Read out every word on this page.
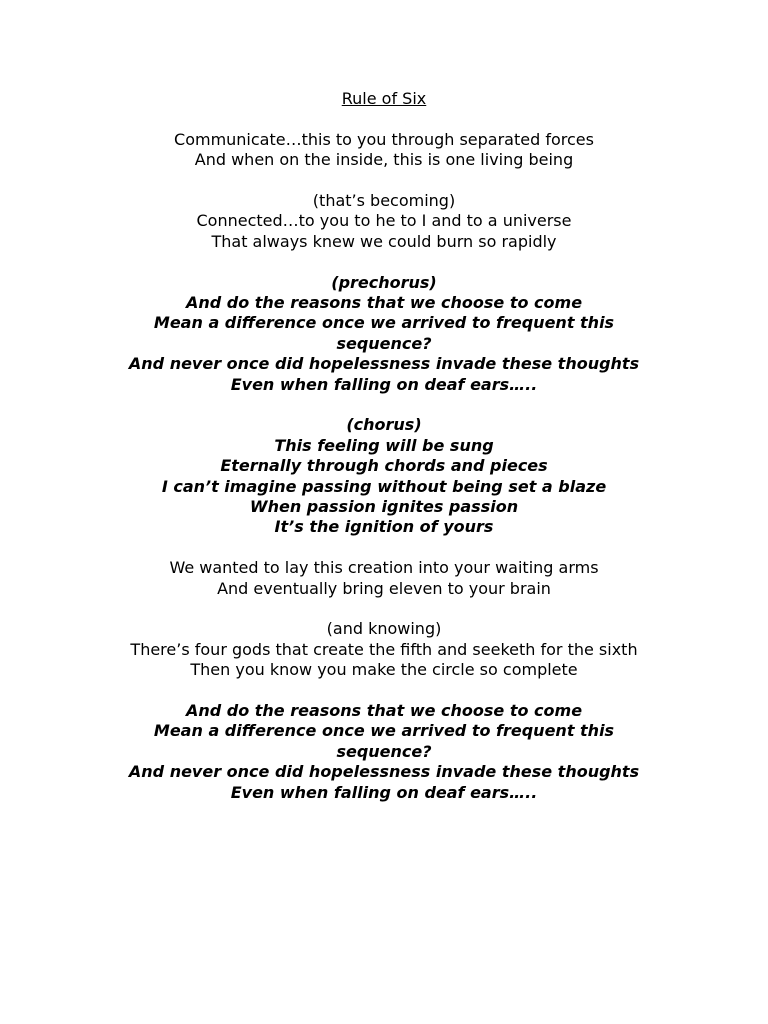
Rule of Six

Communicate…this to you through separated forces

And when on the inside, this is one living being

(that’s becoming)

Connected…to you to he to I and to a universe

That always knew we could burn so rapidly

(prechorus)

And do the reasons that we choose to come

Mean a difference once we arrived to frequent this sequence?

And never once did hopelessness invade these thoughts

Even when falling on deaf ears…..

(chorus)

This feeling will be sung

Eternally through chords and pieces

I can’t imagine passing without being set a blaze

When passion ignites passion

It’s the ignition of yours

We wanted to lay this creation into your waiting arms

And eventually bring eleven to your brain

(and knowing)

There’s four gods that create the fifth and seeketh for the sixth

Then you know you make the circle so complete

And do the reasons that we choose to come

Mean a difference once we arrived to frequent this sequence?

And never once did hopelessness invade these thoughts

Even when falling on deaf ears…..
